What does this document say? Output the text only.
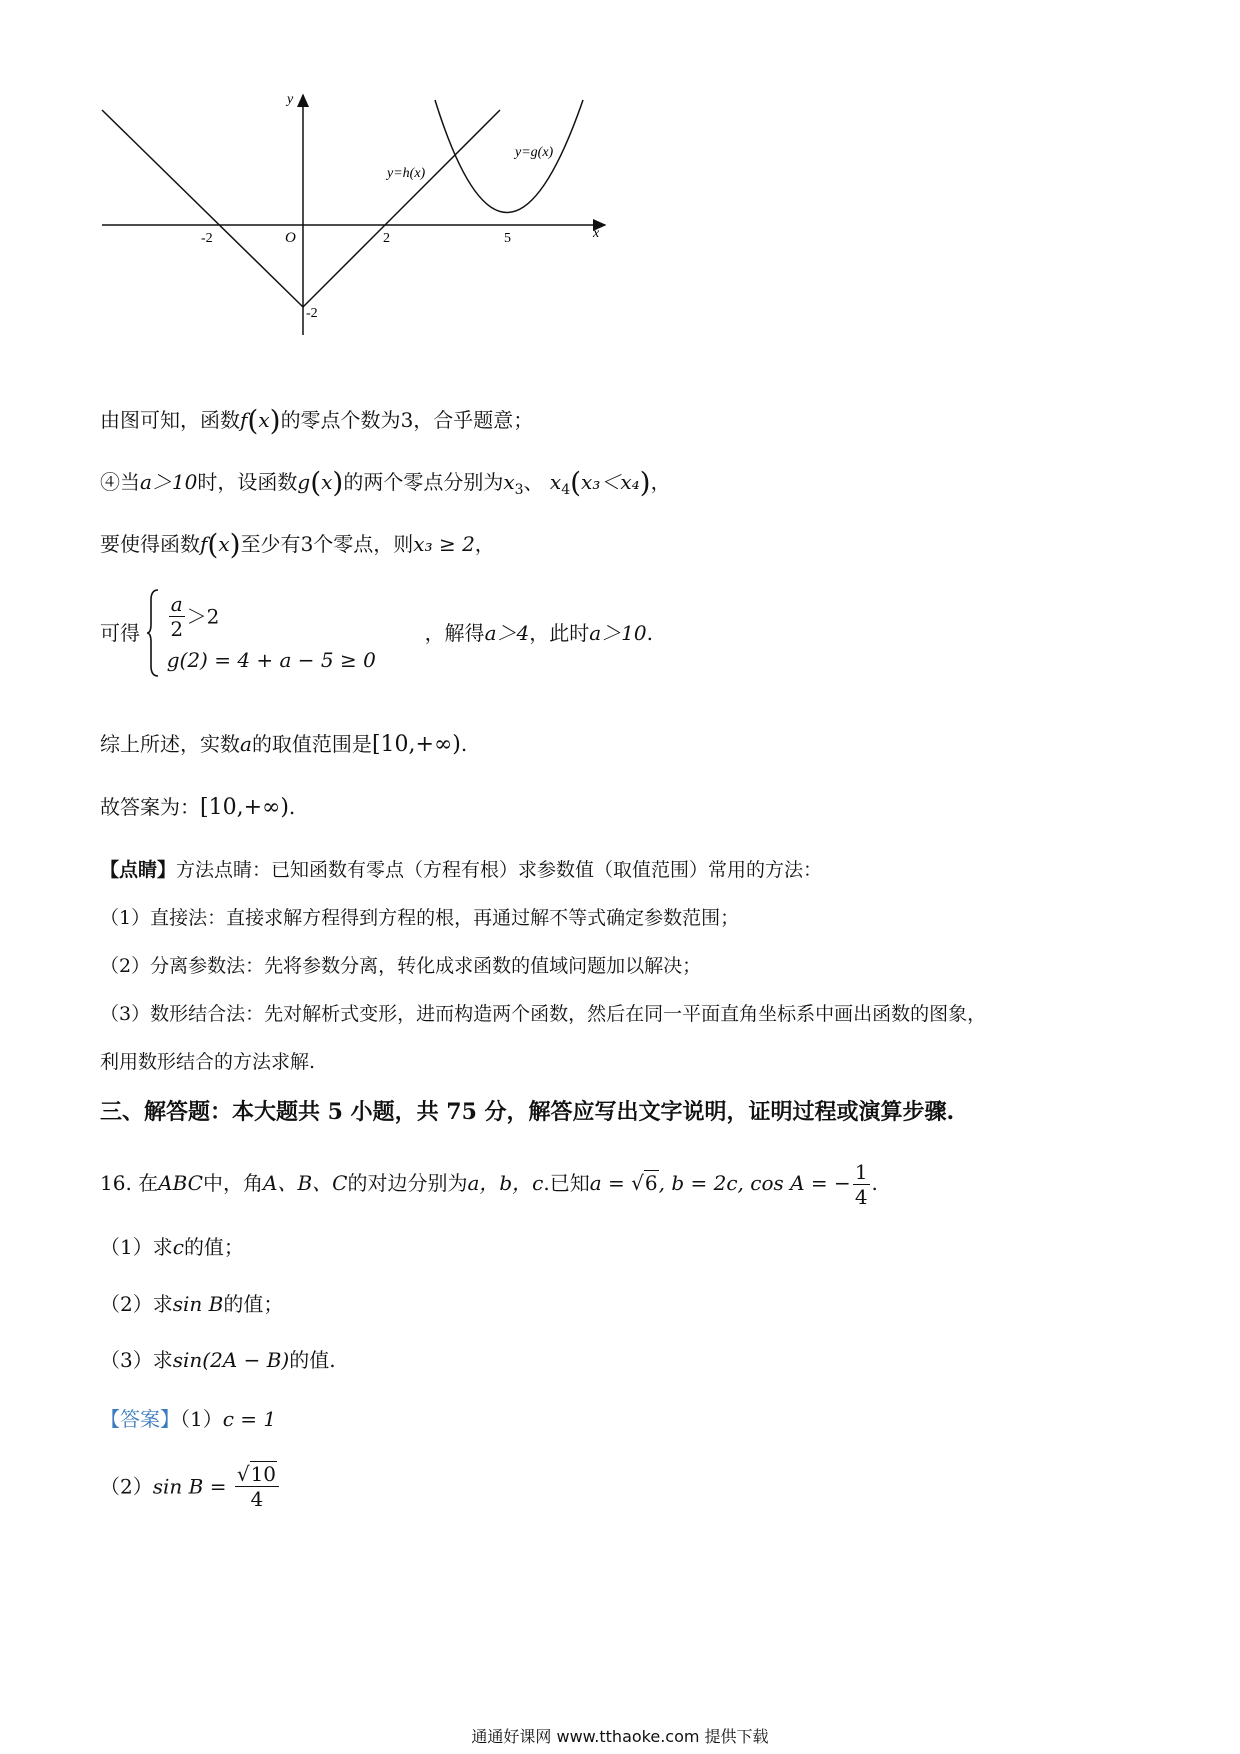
x
y
O
-2	2	5
-2
y=h(x)
y=g(x)
由图可知，函数f(x)的零点个数为3，合乎题意；
④当a＞10时，设函数g(x)的两个零点分别为$x_3$、 $x_4(x_3<x_4)$，
要使得函数f(x)至少有3个零点，则x₃ ≥ 2，
可得 $\frac{a}{2} >2$
g(2) = 4 + a − 5 ≥ 0
，解得a＞4，此时a＞10.
综上所述，实数a的取值范围是[10,+∞).
故答案为：[10,+∞).
【点睛】方法点睛：已知函数有零点（方程有根）求参数值（取值范围）常用的方法：
（1）直接法：直接求解方程得到方程的根，再通过解不等式确定参数范围；
（2）分离参数法：先将参数分离，转化成求函数的值域问题加以解决；
（3）数形结合法：先对解析式变形，进而构造两个函数，然后在同一平面直角坐标系中画出函数的图象，
利用数形结合的方法求解.
三、解答题：本大题共 5 小题，共 75 分，解答应写出文字说明，证明过程或演算步骤.
16. 在ABC中，角A、B、C的对边分别为a，b，c.已知a = √6, b = 2c, cos A = − $\frac{1}{4}$ .
（1）求c的值；
（2）求sin B的值；
（3）求sin(2A − B)的值.
【答案】（1）c = 1
（2）sin $B = \frac{√10}{4}$
通通好课网 www.tthaoke.com 提供下载
